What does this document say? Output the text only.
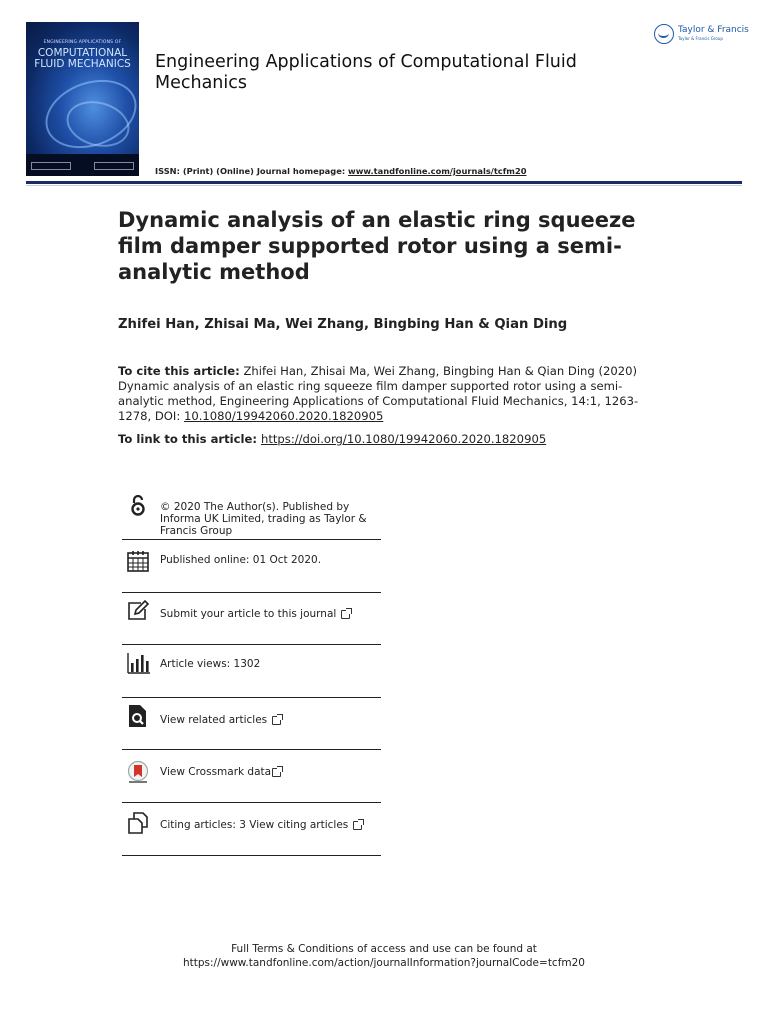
ENGINEERING APPLICATIONS OF
COMPUTATIONAL
FLUID MECHANICS	Engineering Applications of Computational Fluid Mechanics
ISSN: (Print) (Online) Journal homepage: www.tandfonline.com/journals/tcfm20
Taylor & Francis
Taylor & Francis Group
Dynamic analysis of an elastic ring squeeze film damper supported rotor using a semi-analytic method
Zhifei Han, Zhisai Ma, Wei Zhang, Bingbing Han & Qian Ding
To cite this article: Zhifei Han, Zhisai Ma, Wei Zhang, Bingbing Han & Qian Ding (2020) Dynamic analysis of an elastic ring squeeze film damper supported rotor using a semi-analytic method, Engineering Applications of Computational Fluid Mechanics, 14:1, 1263-1278, DOI: 10.1080/19942060.2020.1820905
To link to this article: https://doi.org/10.1080/19942060.2020.1820905
© 2020 The Author(s). Published by Informa UK Limited, trading as Taylor & Francis Group
Published online: 01 Oct 2020.
Submit your article to this journal
Article views: 1302
View related articles
View Crossmark data
Citing articles: 3 View citing articles
Full Terms & Conditions of access and use can be found at
https://www.tandfonline.com/action/journalInformation?journalCode=tcfm20
